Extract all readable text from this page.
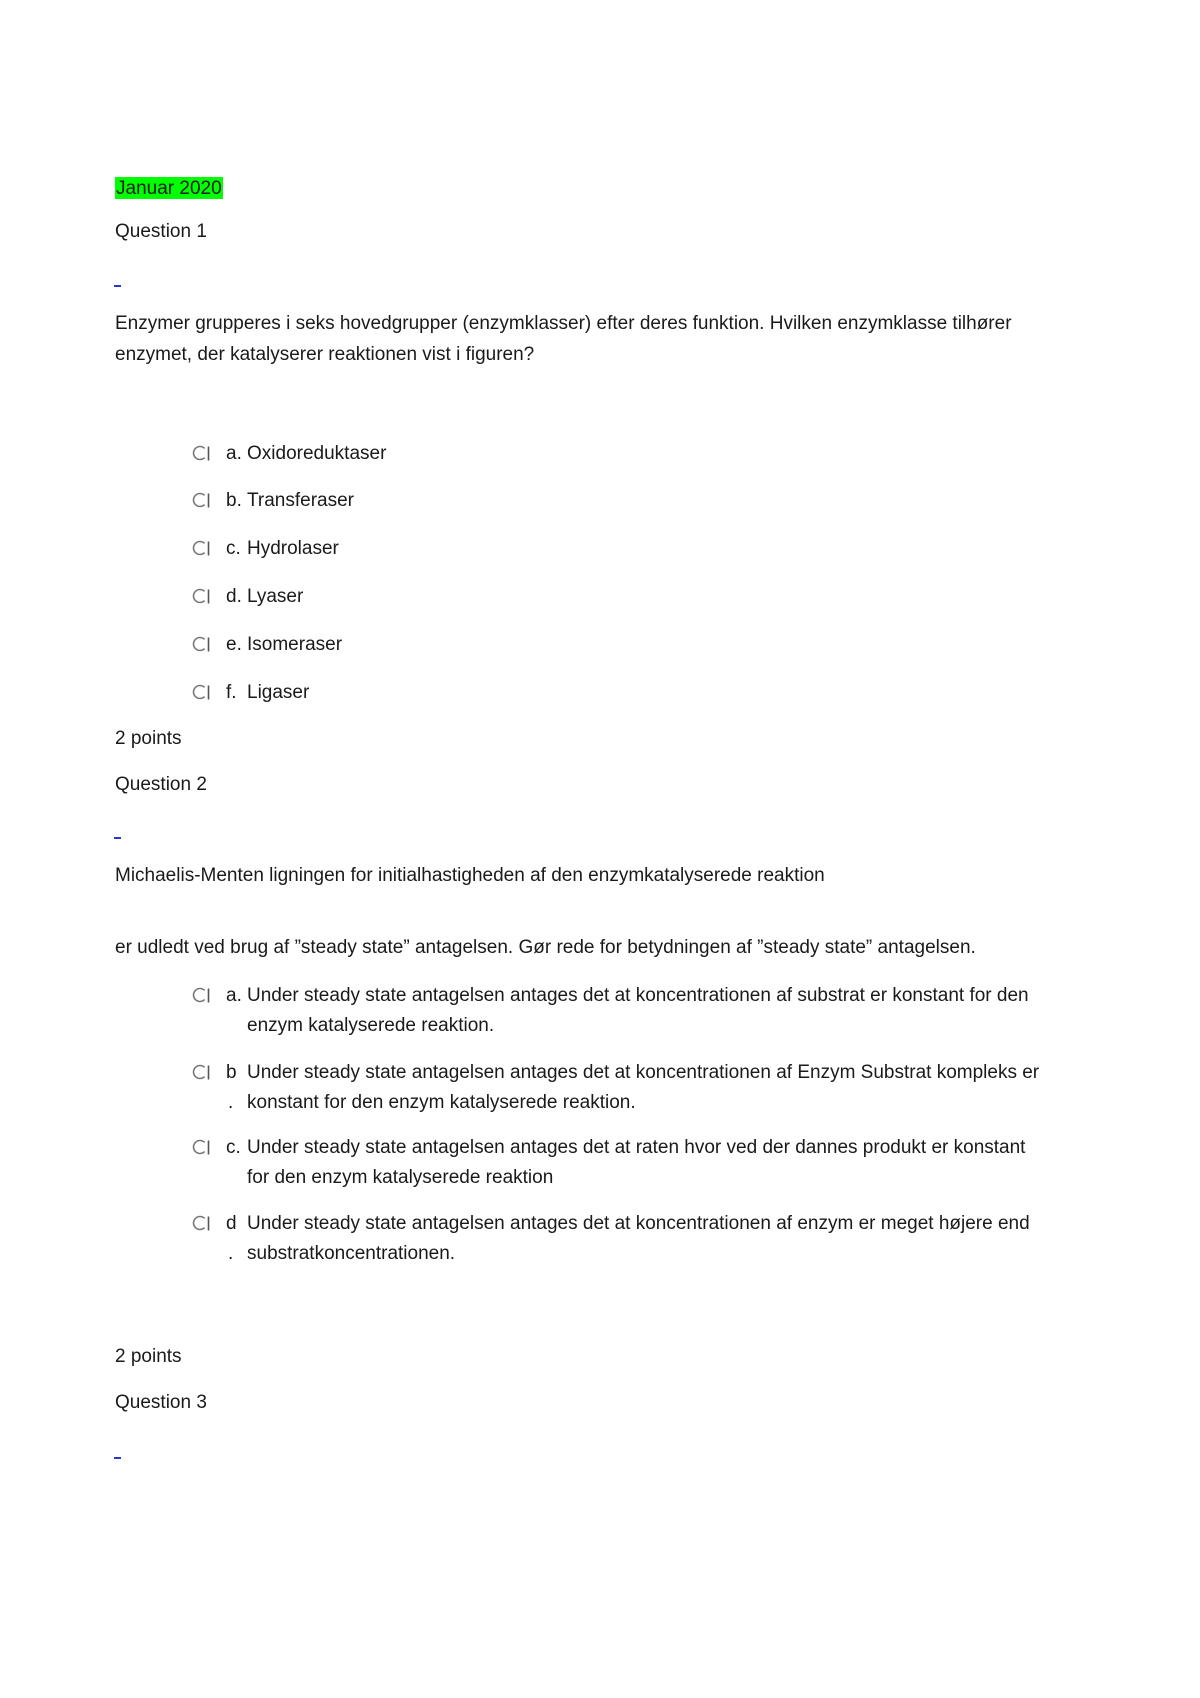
Januar 2020
Question 1
Enzymer grupperes i seks hovedgrupper (enzymklasser) efter deres funktion. Hvilken enzymklasse tilhører
enzymet, der katalyserer reaktionen vist i figuren?
a. Oxidoreduktaser
b. Transferaser
c. Hydrolaser
d. Lyaser
e. Isomeraser
f. Ligaser
2 points
Question 2
Michaelis-Menten ligningen for initialhastigheden af den enzymkatalyserede reaktion
er udledt ved brug af ”steady state” antagelsen. Gør rede for betydningen af ”steady state” antagelsen.
a. Under steady state antagelsen antages det at koncentrationen af substrat er konstant for den
enzym katalyserede reaktion.
b
.
Under steady state antagelsen antages det at koncentrationen af Enzym Substrat kompleks er
konstant for den enzym katalyserede reaktion.
c. Under steady state antagelsen antages det at raten hvor ved der dannes produkt er konstant
for den enzym katalyserede reaktion
d
.
Under steady state antagelsen antages det at koncentrationen af enzym er meget højere end
substratkoncentrationen.
2 points
Question 3
